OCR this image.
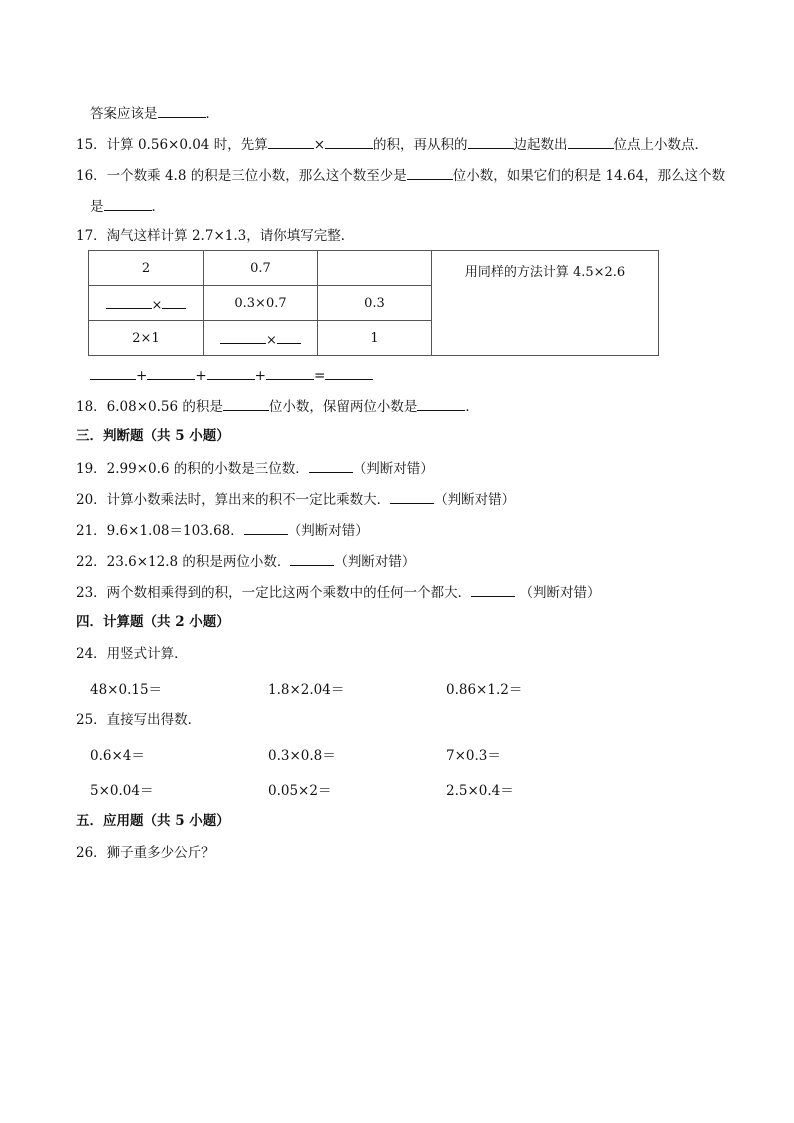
答案应该是	．
15．计算 0.56×0.04 时，先算	×	的积，再从积的	边起数出	位点上小数点．
16．一个数乘 4.8 的积是三位小数，那么这个数至少是	位小数，如果它们的积是 14.64，那么这个数
是	．
17．淘气这样计算 2.7×1.3，请你填写完整．
2	0.7		用同样的方法计算 4.5×2.6
×	0.3×0.7	0.3	
2×1	×	1	
+	+	+	=
18．6.08×0.56 的积是	位小数，保留两位小数是	．
三．判断题（共 5 小题）
19．2.99×0.6 的积的小数是三位数．	（判断对错）
20．计算小数乘法时，算出来的积不一定比乘数大．	（判断对错）
21．9.6×1.08＝103.68．	（判断对错）
22．23.6×12.8 的积是两位小数．	（判断对错）
23．两个数相乘得到的积，一定比这两个乘数中的任何一个都大．	（判断对错）
四．计算题（共 2 小题）
24．用竖式计算．
48×0.15＝	1.8×2.04＝	0.86×1.2＝
25．直接写出得数．
0.6×4＝	0.3×0.8＝	7×0.3＝
5×0.04＝	0.05×2＝	2.5×0.4＝
五．应用题（共 5 小题）
26．狮子重多少公斤？
